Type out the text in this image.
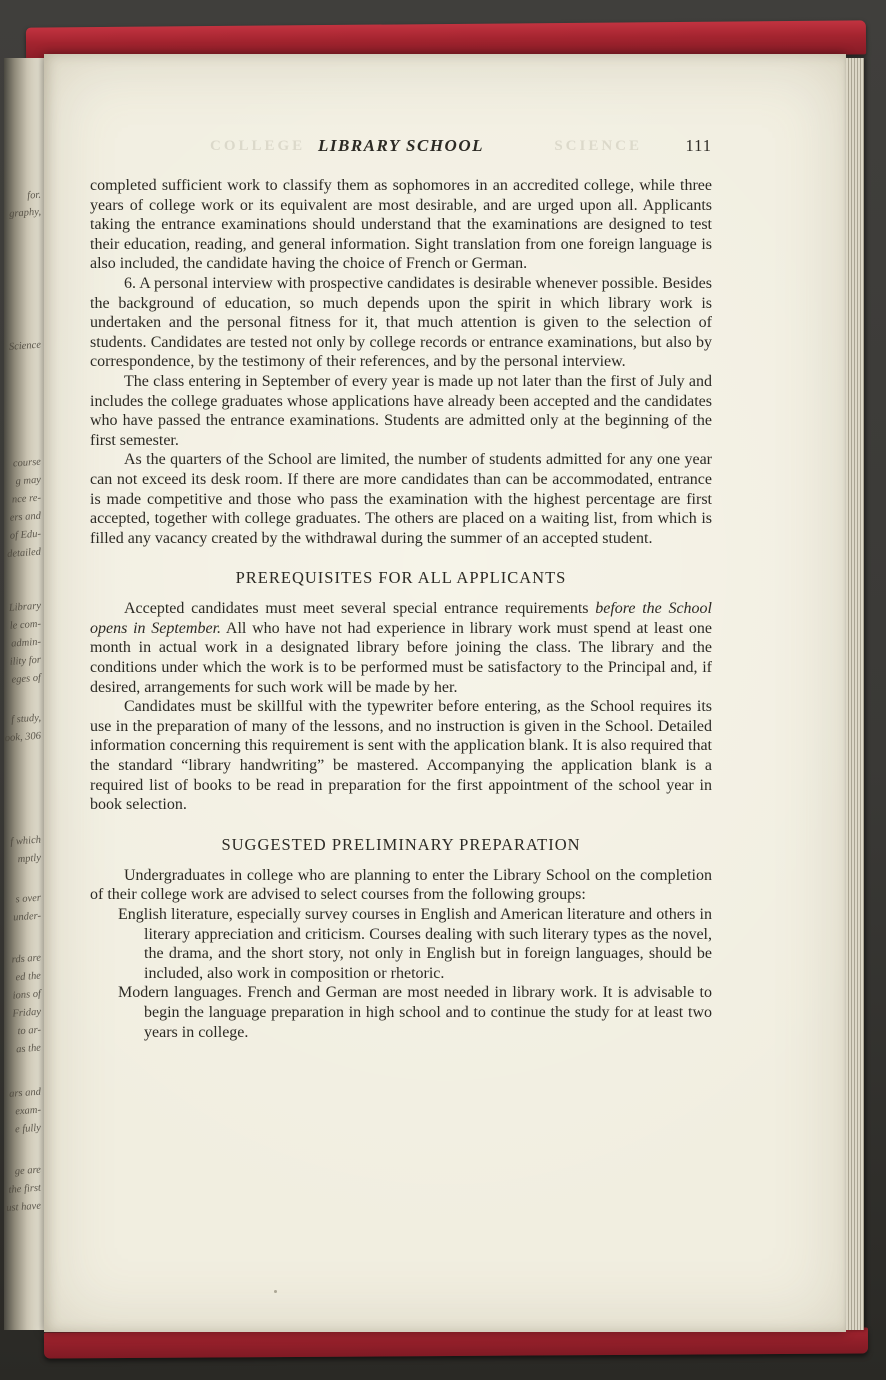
for.
graphy,
Science
course
g may
nce re-
ers and
of Edu-
detailed
Library
le com-
admin-
ility for
eges of
f study,
ook, 306
f which
mptly
s over
under-
rds are
ed the
ions of
Friday
to ar-
as the
ars and
exam-
e fully
ge are
the first
ust have
COLLEGE	SCIENCE
LIBRARY SCHOOL	111

completed sufficient work to classify them as sophomores in an accredited college, while three years of college work or its equivalent are most desirable, and are urged upon all. Applicants taking the entrance examinations should understand that the examinations are designed to test their education, reading, and general information. Sight translation from one foreign language is also included, the candidate having the choice of French or German.

6. A personal interview with prospective candidates is desirable whenever possible. Besides the background of education, so much depends upon the spirit in which library work is undertaken and the personal fitness for it, that much attention is given to the selection of students. Candidates are tested not only by college records or entrance examinations, but also by correspondence, by the testimony of their references, and by the personal interview.

The class entering in September of every year is made up not later than the first of July and includes the college graduates whose applications have already been accepted and the candidates who have passed the entrance examinations. Students are admitted only at the beginning of the first semester.

As the quarters of the School are limited, the number of students admitted for any one year can not exceed its desk room. If there are more candidates than can be accommodated, entrance is made competitive and those who pass the examination with the highest percentage are first accepted, together with college graduates. The others are placed on a waiting list, from which is filled any vacancy created by the withdrawal during the summer of an accepted student.

PREREQUISITES FOR ALL APPLICANTS

Accepted candidates must meet several special entrance requirements before the School opens in September. All who have not had experience in library work must spend at least one month in actual work in a designated library before joining the class. The library and the conditions under which the work is to be performed must be satisfactory to the Principal and, if desired, arrangements for such work will be made by her.

Candidates must be skillful with the typewriter before entering, as the School requires its use in the preparation of many of the lessons, and no instruction is given in the School. Detailed information concerning this requirement is sent with the application blank. It is also required that the standard “library handwriting” be mastered. Accompanying the application blank is a required list of books to be read in preparation for the first appointment of the school year in book selection.

SUGGESTED PRELIMINARY PREPARATION

Undergraduates in college who are planning to enter the Library School on the completion of their college work are advised to select courses from the following groups:

English literature, especially survey courses in English and American literature and others in literary appreciation and criticism. Courses dealing with such literary types as the novel, the drama, and the short story, not only in English but in foreign languages, should be included, also work in composition or rhetoric.

Modern languages. French and German are most needed in library work. It is advisable to begin the language preparation in high school and to continue the study for at least two years in college.
